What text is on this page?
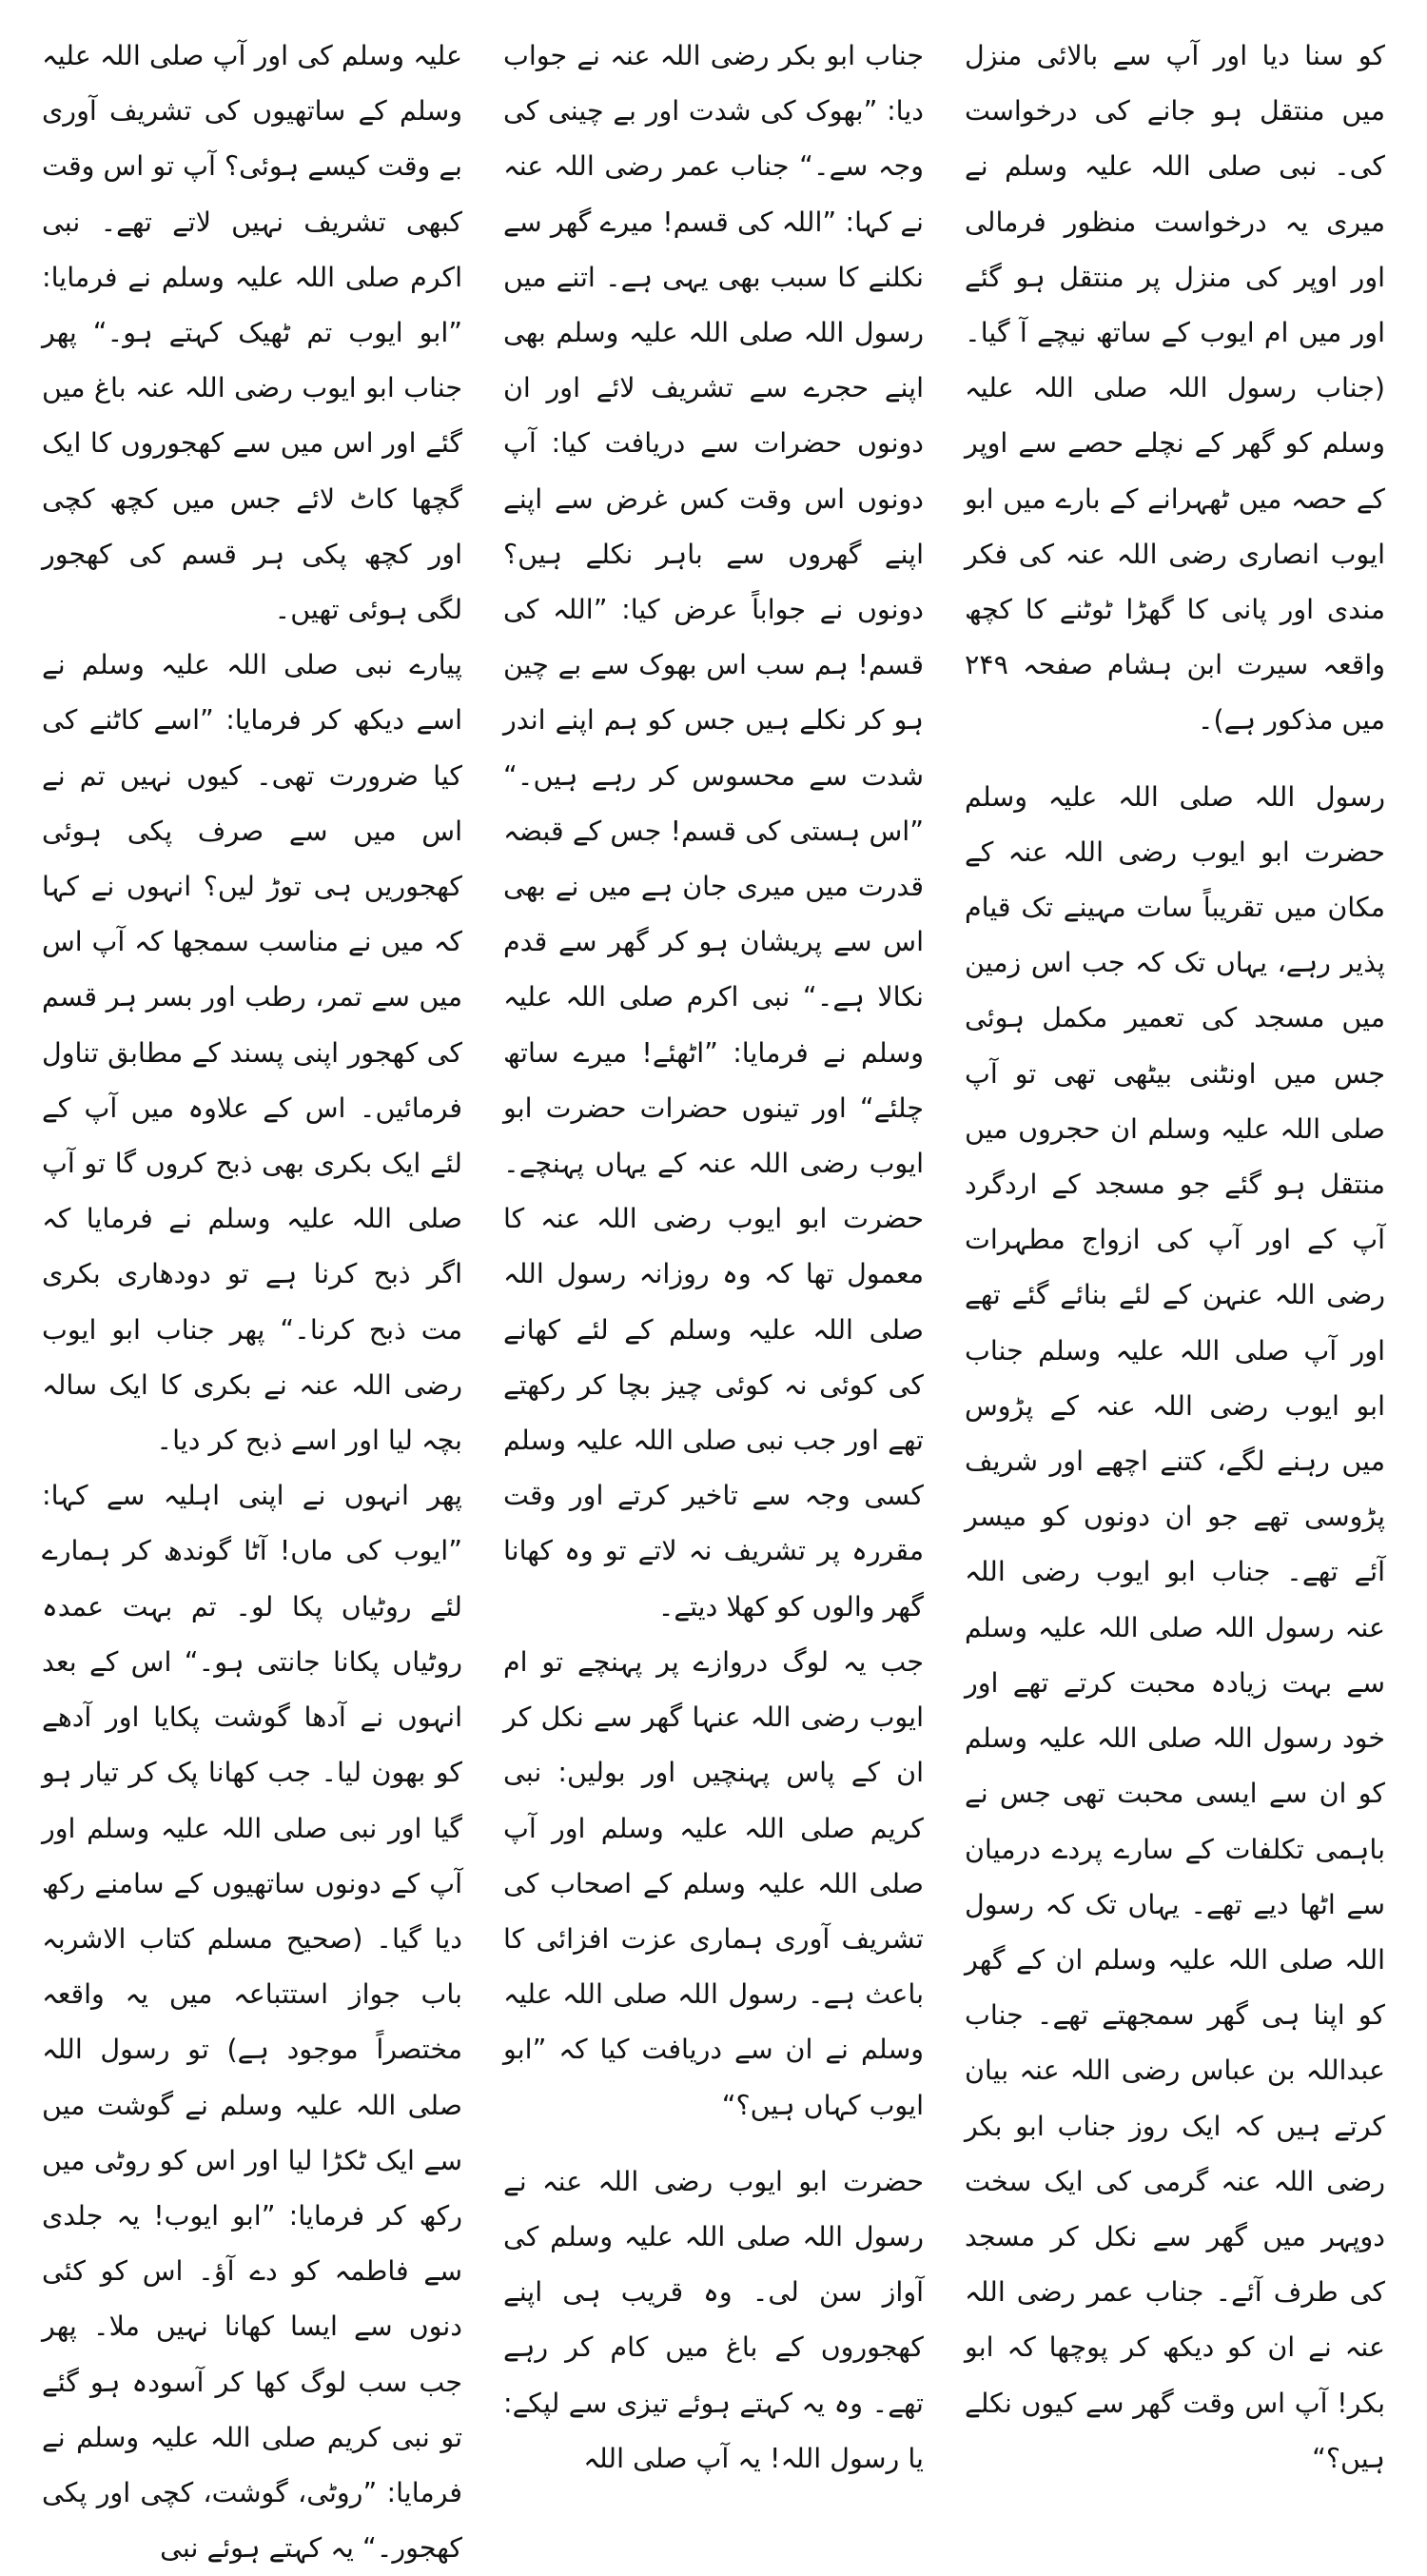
کو سنا دیا اور آپ سے بالائی منزل میں منتقل ہو جانے کی درخواست کی۔ نبی صلی اللہ علیہ وسلم نے میری یہ درخواست منظور فرمالی اور اوپر کی منزل پر منتقل ہو گئے اور میں ام ایوب کے ساتھ نیچے آ گیا۔ (جناب رسول اللہ صلی اللہ علیہ وسلم کو گھر کے نچلے حصے سے اوپر کے حصہ میں ٹھہرانے کے بارے میں ابو ایوب انصاری رضی اللہ عنہ کی فکر مندی اور پانی کا گھڑا ٹوٹنے کا کچھ واقعہ سیرت ابن ہشام صفحہ ۲۴۹ میں مذکور ہے)۔

رسول اللہ صلی اللہ علیہ وسلم حضرت ابو ایوب رضی اللہ عنہ کے مکان میں تقریباً سات مہینے تک قیام پذیر رہے، یہاں تک کہ جب اس زمین میں مسجد کی تعمیر مکمل ہوئی جس میں اونٹنی بیٹھی تھی تو آپ صلی اللہ علیہ وسلم ان حجروں میں منتقل ہو گئے جو مسجد کے اردگرد آپ کے اور آپ کی ازواج مطہرات رضی اللہ عنہن کے لئے بنائے گئے تھے اور آپ صلی اللہ علیہ وسلم جناب ابو ایوب رضی اللہ عنہ کے پڑوس میں رہنے لگے، کتنے اچھے اور شریف پڑوسی تھے جو ان دونوں کو میسر آئے تھے۔ جناب ابو ایوب رضی اللہ عنہ رسول اللہ صلی اللہ علیہ وسلم سے بہت زیادہ محبت کرتے تھے اور خود رسول اللہ صلی اللہ علیہ وسلم کو ان سے ایسی محبت تھی جس نے باہمی تکلفات کے سارے پردے درمیان سے اٹھا دیے تھے۔ یہاں تک کہ رسول اللہ صلی اللہ علیہ وسلم ان کے گھر کو اپنا ہی گھر سمجھتے تھے۔ جناب عبداللہ بن عباس رضی اللہ عنہ بیان کرتے ہیں کہ ایک روز جناب ابو بکر رضی اللہ عنہ گرمی کی ایک سخت دوپہر میں گھر سے نکل کر مسجد کی طرف آئے۔ جناب عمر رضی اللہ عنہ نے ان کو دیکھ کر پوچھا کہ ابو بکر! آپ اس وقت گھر سے کیوں نکلے ہیں؟“

جناب ابو بکر رضی اللہ عنہ نے جواب دیا: ”بھوک کی شدت اور بے چینی کی وجہ سے۔“ جناب عمر رضی اللہ عنہ نے کہا: ”اللہ کی قسم! میرے گھر سے نکلنے کا سبب بھی یہی ہے۔ اتنے میں رسول اللہ صلی اللہ علیہ وسلم بھی اپنے حجرے سے تشریف لائے اور ان دونوں حضرات سے دریافت کیا: آپ دونوں اس وقت کس غرض سے اپنے اپنے گھروں سے باہر نکلے ہیں؟ دونوں نے جواباً عرض کیا: ”اللہ کی قسم! ہم سب اس بھوک سے بے چین ہو کر نکلے ہیں جس کو ہم اپنے اندر شدت سے محسوس کر رہے ہیں۔“ ”اس ہستی کی قسم! جس کے قبضہ قدرت میں میری جان ہے میں نے بھی اس سے پریشان ہو کر گھر سے قدم نکالا ہے۔“ نبی اکرم صلی اللہ علیہ وسلم نے فرمایا: ”اٹھئے! میرے ساتھ چلئے“ اور تینوں حضرات حضرت ابو ایوب رضی اللہ عنہ کے یہاں پہنچے۔ حضرت ابو ایوب رضی اللہ عنہ کا معمول تھا کہ وہ روزانہ رسول اللہ صلی اللہ علیہ وسلم کے لئے کھانے کی کوئی نہ کوئی چیز بچا کر رکھتے تھے اور جب نبی صلی اللہ علیہ وسلم کسی وجہ سے تاخیر کرتے اور وقت مقررہ پر تشریف نہ لاتے تو وہ کھانا گھر والوں کو کھلا دیتے۔

جب یہ لوگ دروازے پر پہنچے تو ام ایوب رضی اللہ عنہا گھر سے نکل کر ان کے پاس پہنچیں اور بولیں: نبی کریم صلی اللہ علیہ وسلم اور آپ صلی اللہ علیہ وسلم کے اصحاب کی تشریف آوری ہماری عزت افزائی کا باعث ہے۔ رسول اللہ صلی اللہ علیہ وسلم نے ان سے دریافت کیا کہ ”ابو ایوب کہاں ہیں؟“

حضرت ابو ایوب رضی اللہ عنہ نے رسول اللہ صلی اللہ علیہ وسلم کی آواز سن لی۔ وہ قریب ہی اپنے کھجوروں کے باغ میں کام کر رہے تھے۔ وہ یہ کہتے ہوئے تیزی سے لپکے: یا رسول اللہ! یہ آپ صلی اللہ

علیہ وسلم کی اور آپ صلی اللہ علیہ وسلم کے ساتھیوں کی تشریف آوری بے وقت کیسے ہوئی؟ آپ تو اس وقت کبھی تشریف نہیں لاتے تھے۔ نبی اکرم صلی اللہ علیہ وسلم نے فرمایا: ”ابو ایوب تم ٹھیک کہتے ہو۔“ پھر جناب ابو ایوب رضی اللہ عنہ باغ میں گئے اور اس میں سے کھجوروں کا ایک گچھا کاٹ لائے جس میں کچھ کچی اور کچھ پکی ہر قسم کی کھجور لگی ہوئی تھیں۔

پیارے نبی صلی اللہ علیہ وسلم نے اسے دیکھ کر فرمایا: ”اسے کاٹنے کی کیا ضرورت تھی۔ کیوں نہیں تم نے اس میں سے صرف پکی ہوئی کھجوریں ہی توڑ لیں؟ انہوں نے کہا کہ میں نے مناسب سمجھا کہ آپ اس میں سے تمر، رطب اور بسر ہر قسم کی کھجور اپنی پسند کے مطابق تناول فرمائیں۔ اس کے علاوہ میں آپ کے لئے ایک بکری بھی ذبح کروں گا تو آپ صلی اللہ علیہ وسلم نے فرمایا کہ اگر ذبح کرنا ہے تو دودھاری بکری مت ذبح کرنا۔“ پھر جناب ابو ایوب رضی اللہ عنہ نے بکری کا ایک سالہ بچہ لیا اور اسے ذبح کر دیا۔

پھر انہوں نے اپنی اہلیہ سے کہا: ”ایوب کی ماں! آٹا گوندھ کر ہمارے لئے روٹیاں پکا لو۔ تم بہت عمدہ روٹیاں پکانا جانتی ہو۔“ اس کے بعد انہوں نے آدھا گوشت پکایا اور آدھے کو بھون لیا۔ جب کھانا پک کر تیار ہو گیا اور نبی صلی اللہ علیہ وسلم اور آپ کے دونوں ساتھیوں کے سامنے رکھ دیا گیا۔ (صحیح مسلم کتاب الاشربہ باب جواز استتباعہ میں یہ واقعہ مختصراً موجود ہے) تو رسول اللہ صلی اللہ علیہ وسلم نے گوشت میں سے ایک ٹکڑا لیا اور اس کو روٹی میں رکھ کر فرمایا: ”ابو ایوب! یہ جلدی سے فاطمہ کو دے آؤ۔ اس کو کئی دنوں سے ایسا کھانا نہیں ملا۔ پھر جب سب لوگ کھا کر آسودہ ہو گئے تو نبی کریم صلی اللہ علیہ وسلم نے فرمایا: ”روٹی، گوشت، کچی اور پکی کھجور۔“ یہ کہتے ہوئے نبی
